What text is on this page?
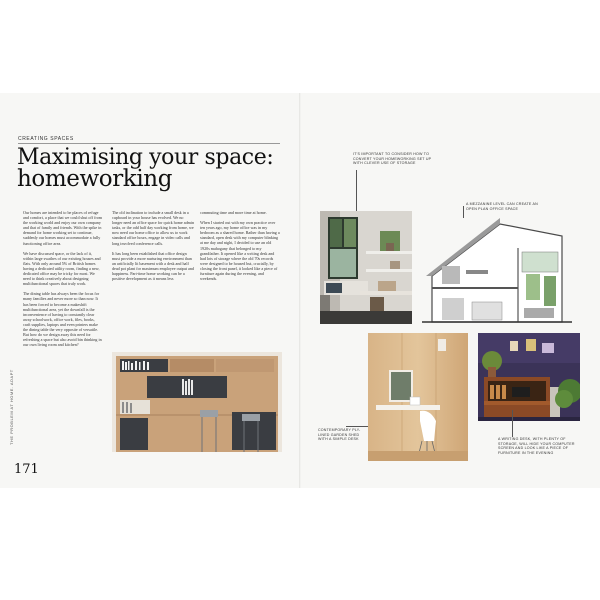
CREATING SPACES
Maximising your space:
homeworking

Our homes are intended to be places of refuge and comfort, a place that we could shut off from the working world and enjoy our own company and that of family and friends. With the spike in demand for home working set to continue, suddenly our homes must accommodate a fully functioning office area.

We have discussed space, or the lack of it, within large swathes of our existing houses and flats. With only around 5% of British homes having a dedicated utility room, finding a new, dedicated office may be tricky for most. We need to think creatively about designing multifunctional spaces that truly work.

The dining table has always been the focus for many families and never more so than now. It has been forced to become a makeshift multifunctional area, yet the downfall is the inconvenience of having to constantly clear away schoolwork, office work, files, books, craft supplies, laptops and even printers make the dining table the very opposite of versatile. But how do we design away this need for refreshing a space but also avoid bin thinking in our own living room and kitchen?

The old inclination to include a small desk in a cupboard in your house has evolved. We no longer need an office space for quick home admin tasks, or the odd half day working from home, we now need our home office to allow us to work standard office hours, engage in video calls and long involved conference calls.

It has long been established that office design must provide a more nurturing environment than an artificially lit basement with a desk and half dead pot plant for maximum employee output and happiness. Part-time home working can be a positive development as it means less

commuting time and more time at home.

When I started out with my own practice over ten years ago, my home office was in my bedroom as a shared home. Rather than having a standard, open desk with my computer blinking at me day and night, I decided to use an old 1920s mahogany that belonged to my grandfather. It opened like a writing desk and had lots of storage where the old 70s records were designed to be housed but, crucially, by closing the front panel, it looked like a piece of furniture again during the evening, and weekends.

171
THE PROBLEM AT HOME. ADAPT
IT'S IMPORTANT TO CONSIDER HOW TO CONVERT YOUR HOMEWORKING SET UP WITH CLEVER USE OF STORAGE
A MEZZANINE LEVEL CAN CREATE AN OPEN PLAN OFFICE SPACE
CONTEMPORARY PLY-LINED GARDEN SHED WITH A SIMPLE DESK	A WRITING DESK, WITH PLENTY OF STORAGE, WILL HIDE YOUR COMPUTER SCREEN AND LOOK LIKE A PIECE OF FURNITURE IN THE EVENING
